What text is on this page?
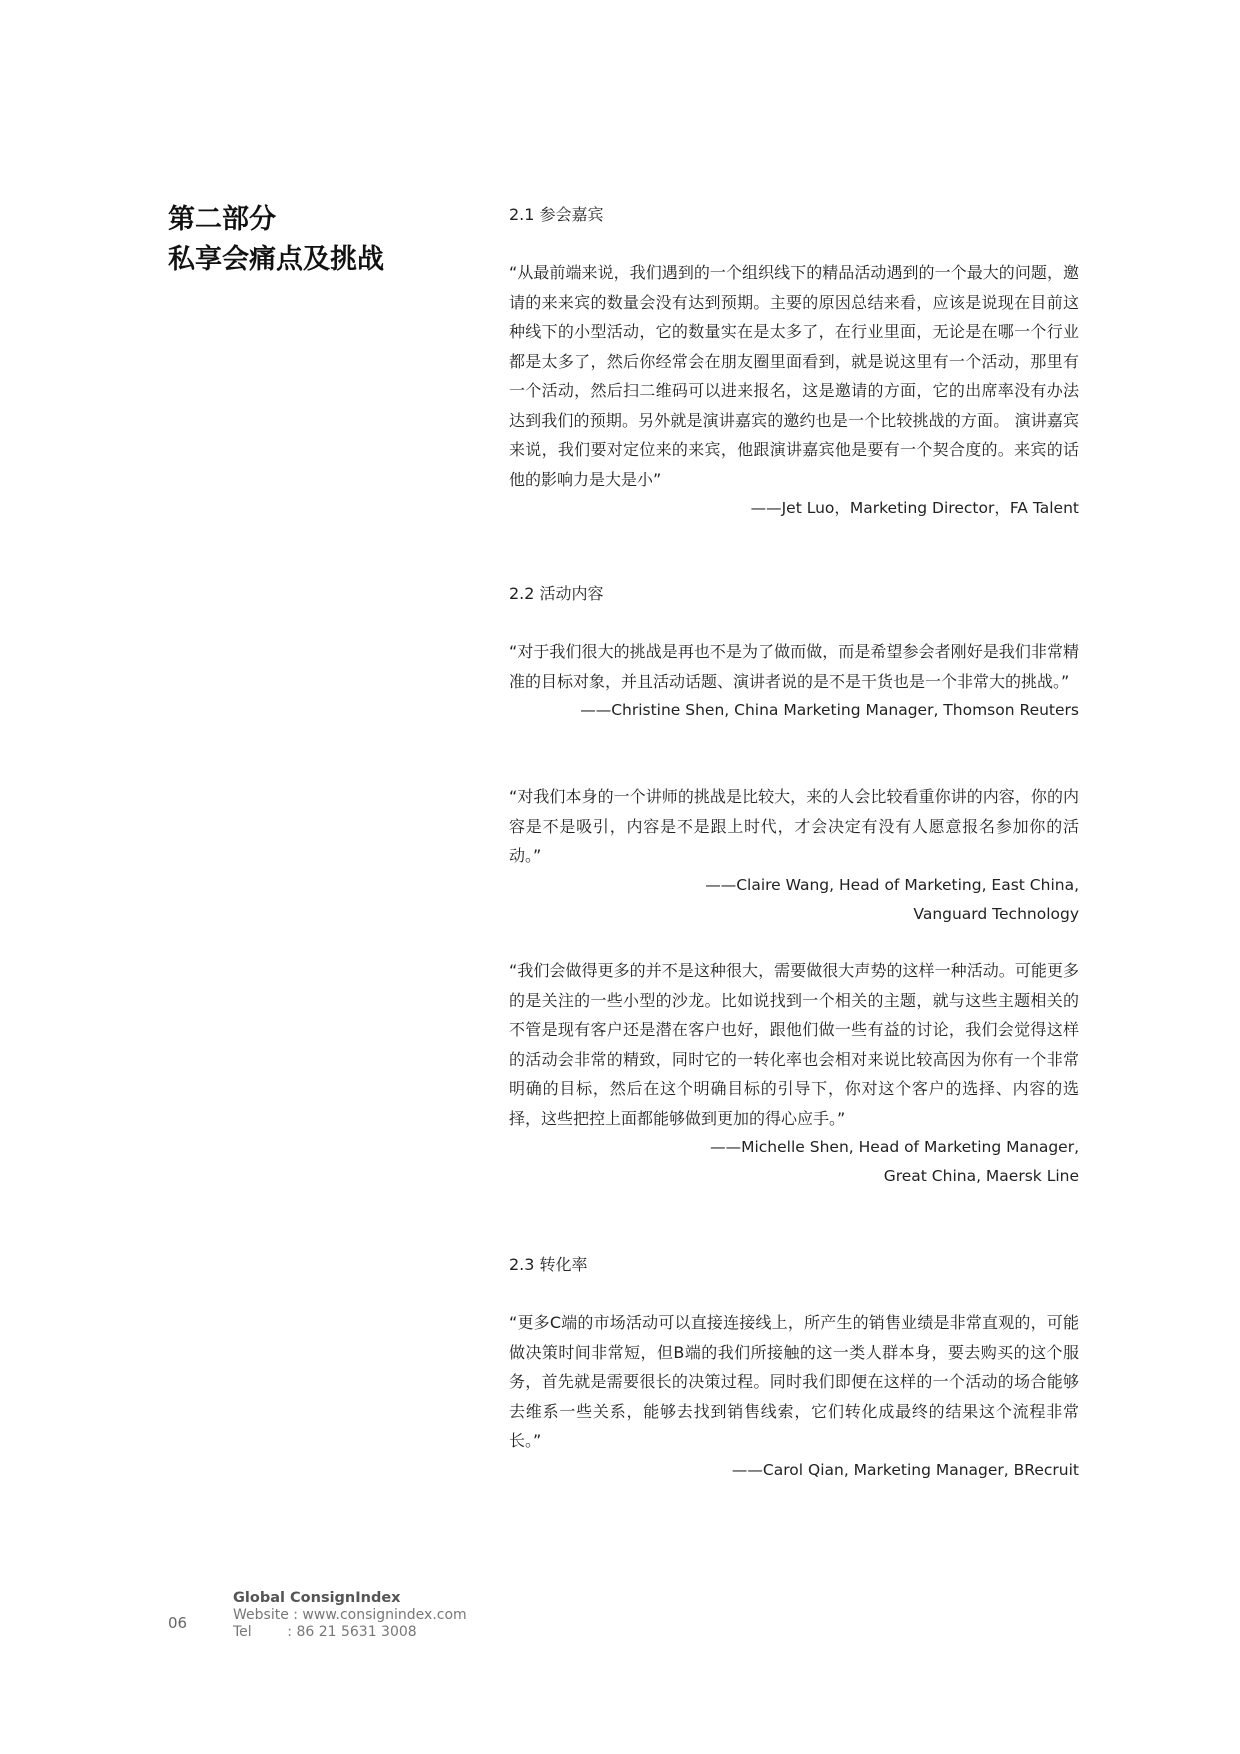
第二部分
私享会痛点及挑战
2.1 参会嘉宾

“从最前端来说，我们遇到的一个组织线下的精品活动遇到的一个最大的问题，邀请的来来宾的数量会没有达到预期。主要的原因总结来看，应该是说现在目前这种线下的小型活动，它的数量实在是太多了，在行业里面，无论是在哪一个行业都是太多了，然后你经常会在朋友圈里面看到，就是说这里有一个活动，那里有一个活动，然后扫二维码可以进来报名，这是邀请的方面，它的出席率没有办法达到我们的预期。另外就是演讲嘉宾的邀约也是一个比较挑战的方面。 演讲嘉宾来说，我们要对定位来的来宾，他跟演讲嘉宾他是要有一个契合度的。来宾的话他的影响力是大是小”

——Jet Luo，Marketing Director，FA Talent

2.2 活动内容

“对于我们很大的挑战是再也不是为了做而做，而是希望参会者刚好是我们非常精准的目标对象，并且活动话题、演讲者说的是不是干货也是一个非常大的挑战。”

——Christine Shen, China Marketing Manager, Thomson Reuters

“对我们本身的一个讲师的挑战是比较大，来的人会比较看重你讲的内容，你的内容是不是吸引，内容是不是跟上时代，才会决定有没有人愿意报名参加你的活动。”

——Claire Wang, Head of Marketing, East China,

Vanguard Technology

“我们会做得更多的并不是这种很大，需要做很大声势的这样一种活动。可能更多的是关注的一些小型的沙龙。比如说找到一个相关的主题，就与这些主题相关的不管是现有客户还是潜在客户也好，跟他们做一些有益的讨论，我们会觉得这样的活动会非常的精致，同时它的一转化率也会相对来说比较高因为你有一个非常明确的目标，然后在这个明确目标的引导下，你对这个客户的选择、内容的选择，这些把控上面都能够做到更加的得心应手。”

——Michelle Shen, Head of Marketing Manager,

Great China, Maersk Line

2.3 转化率

“更多C端的市场活动可以直接连接线上，所产生的销售业绩是非常直观的，可能做决策时间非常短，但B端的我们所接触的这一类人群本身，要去购买的这个服务，首先就是需要很长的决策过程。同时我们即便在这样的一个活动的场合能够去维系一些关系，能够去找到销售线索，它们转化成最终的结果这个流程非常长。”

——Carol Qian, Marketing Manager, BRecruit

06
Global ConsignIndex
Website : www.consignindex.com
Tel        : 86 21 5631 3008
